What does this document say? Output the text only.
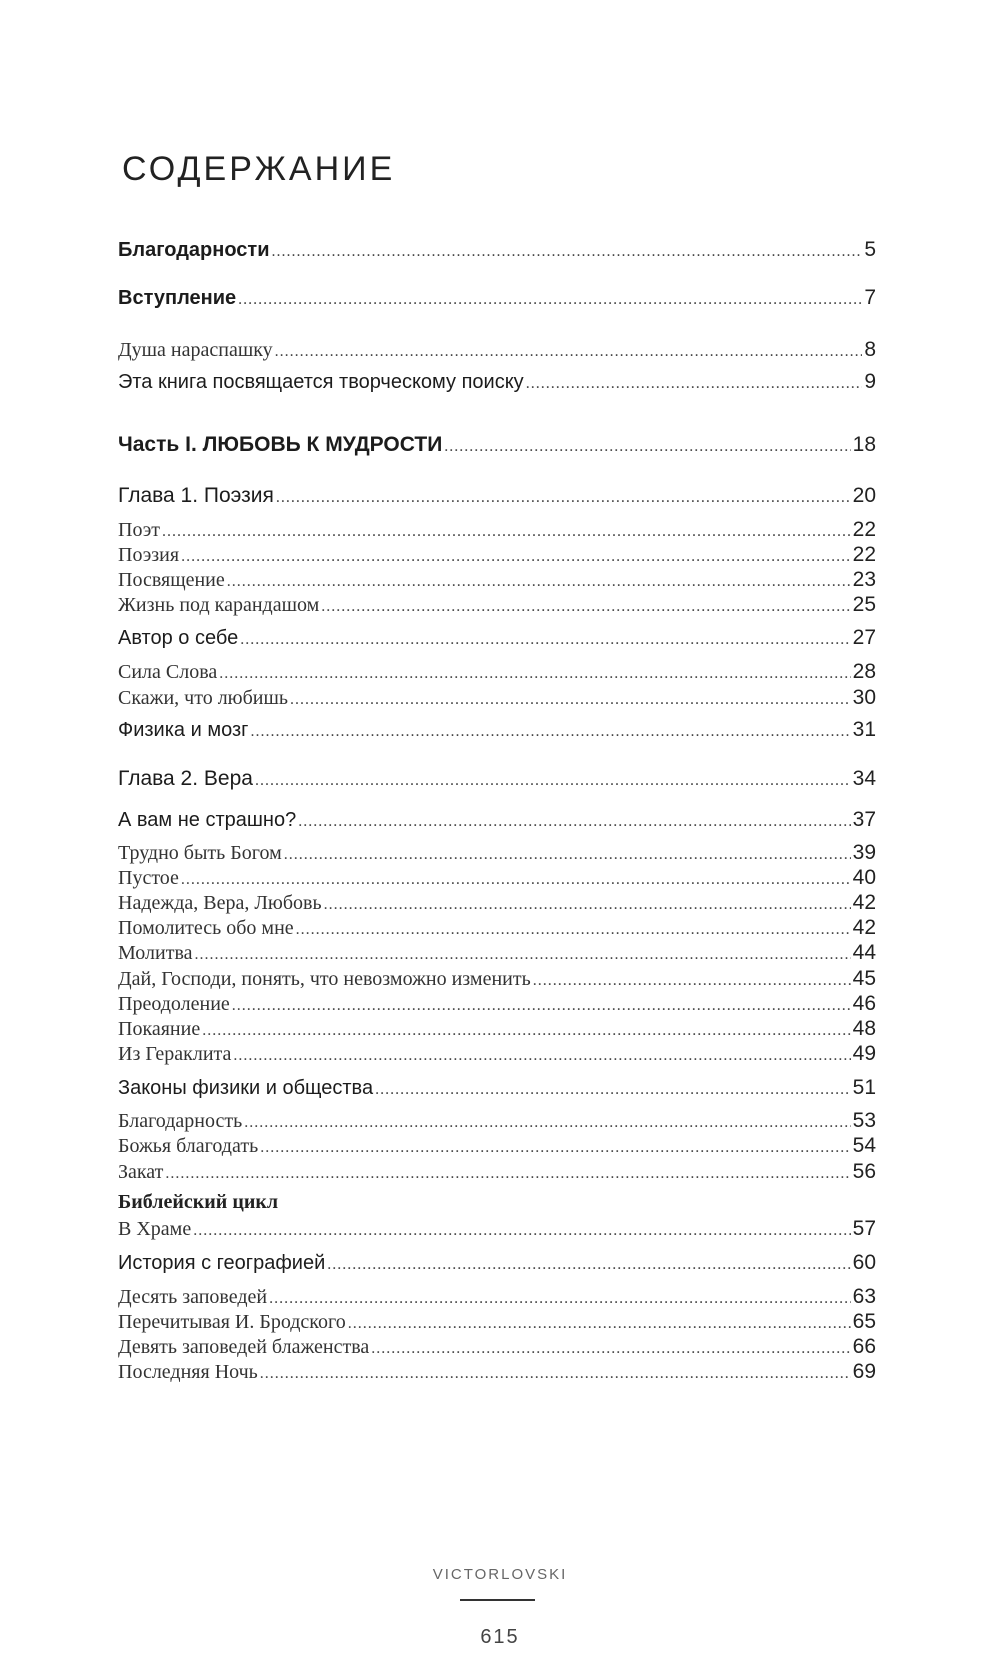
СОДЕРЖАНИЕ
Благодарности .....	5
Вступление .....	7
Душа нараспашку .....	8
Эта книга посвящается творческому поиску .....	9
Часть I. ЛЮБОВЬ К МУДРОСТИ .....	18
Глава 1. Поэзия .....	20
Поэт .....	22
Поэзия .....	22
Посвящение .....	23
Жизнь под карандашом .....	25
Автор о себе .....	27
Сила Слова .....	28
Скажи, что любишь .....	30
Физика и мозг .....	31
Глава 2. Вера .....	34
А вам не страшно? .....	37
Трудно быть Богом .....	39
Пустое .....	40
Надежда, Вера, Любовь .....	42
Помолитесь обо мне .....	42
Молитва .....	44
Дай, Господи, понять, что невозможно изменить .....	45
Преодоление .....	46
Покаяние .....	48
Из Гераклита .....	49
Законы физики и общества .....	51
Благодарность .....	53
Божья благодать .....	54
Закат .....	56
Библейский цикл
В Храме .....	57
История с географией .....	60
Десять заповедей .....	63
Перечитывая И. Бродского .....	65
Девять заповедей блаженства .....	66
Последняя Ночь .....	69
VICTORLOVSKI
615
